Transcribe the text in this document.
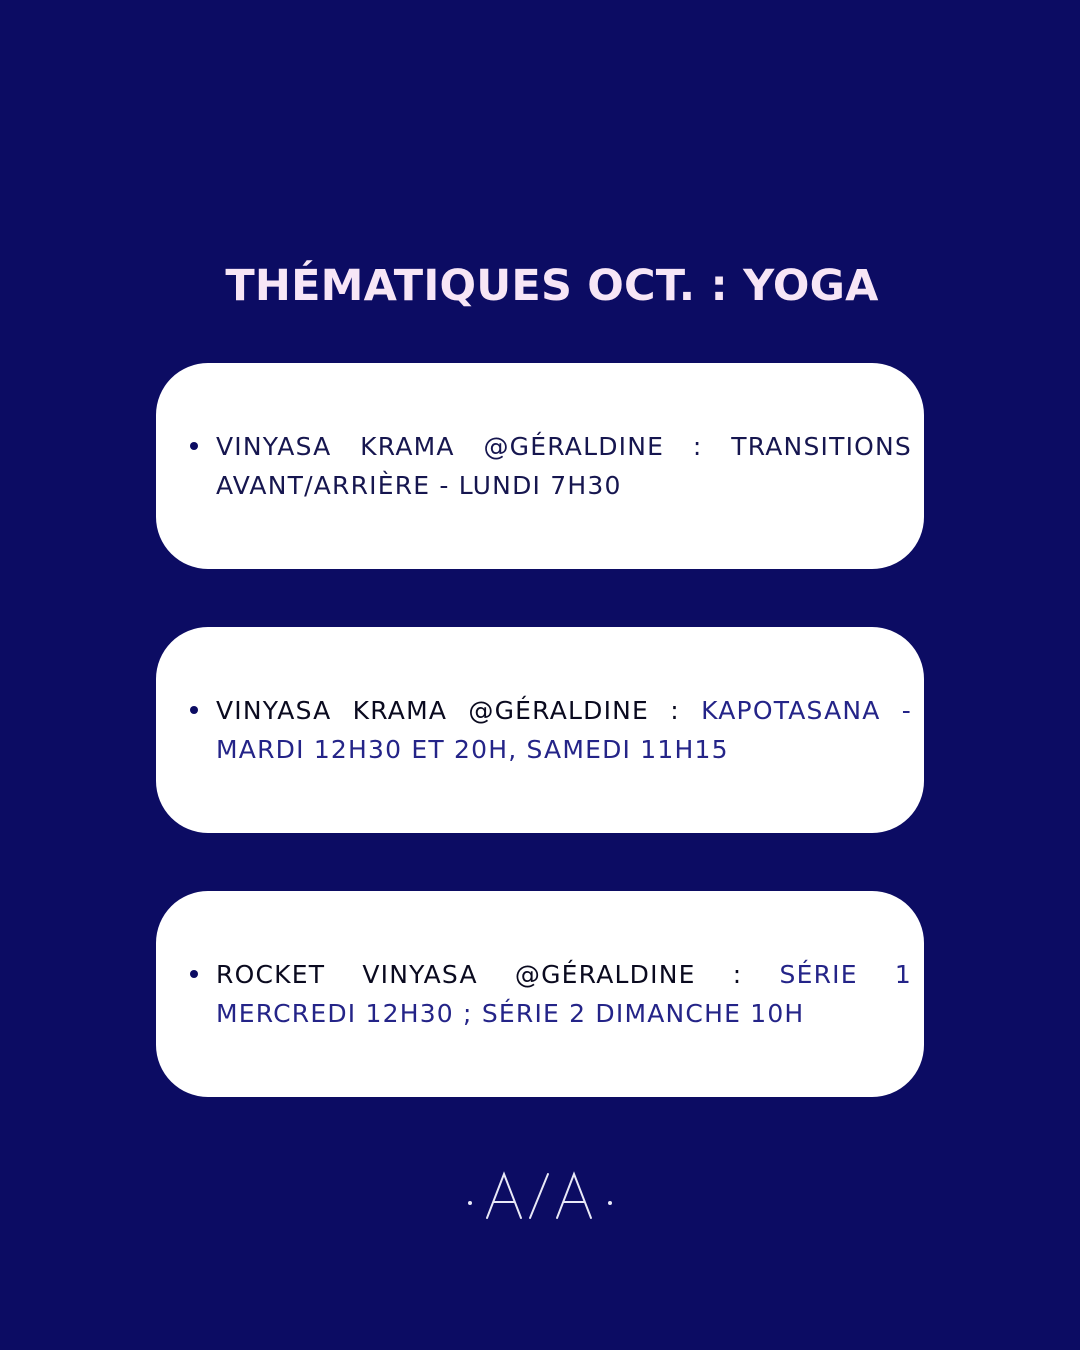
THÉMATIQUES OCT. : YOGA

VINYASA KRAMA @GÉRALDINE : TRANSITIONS AVANT/ARRIÈRE - LUNDI 7H30

VINYASA KRAMA @GÉRALDINE : KAPOTASANA - MARDI 12H30 ET 20H, SAMEDI 11H15

ROCKET VINYASA @GÉRALDINE : SÉRIE 1 MERCREDI 12H30 ; SÉRIE 2 DIMANCHE 10H
